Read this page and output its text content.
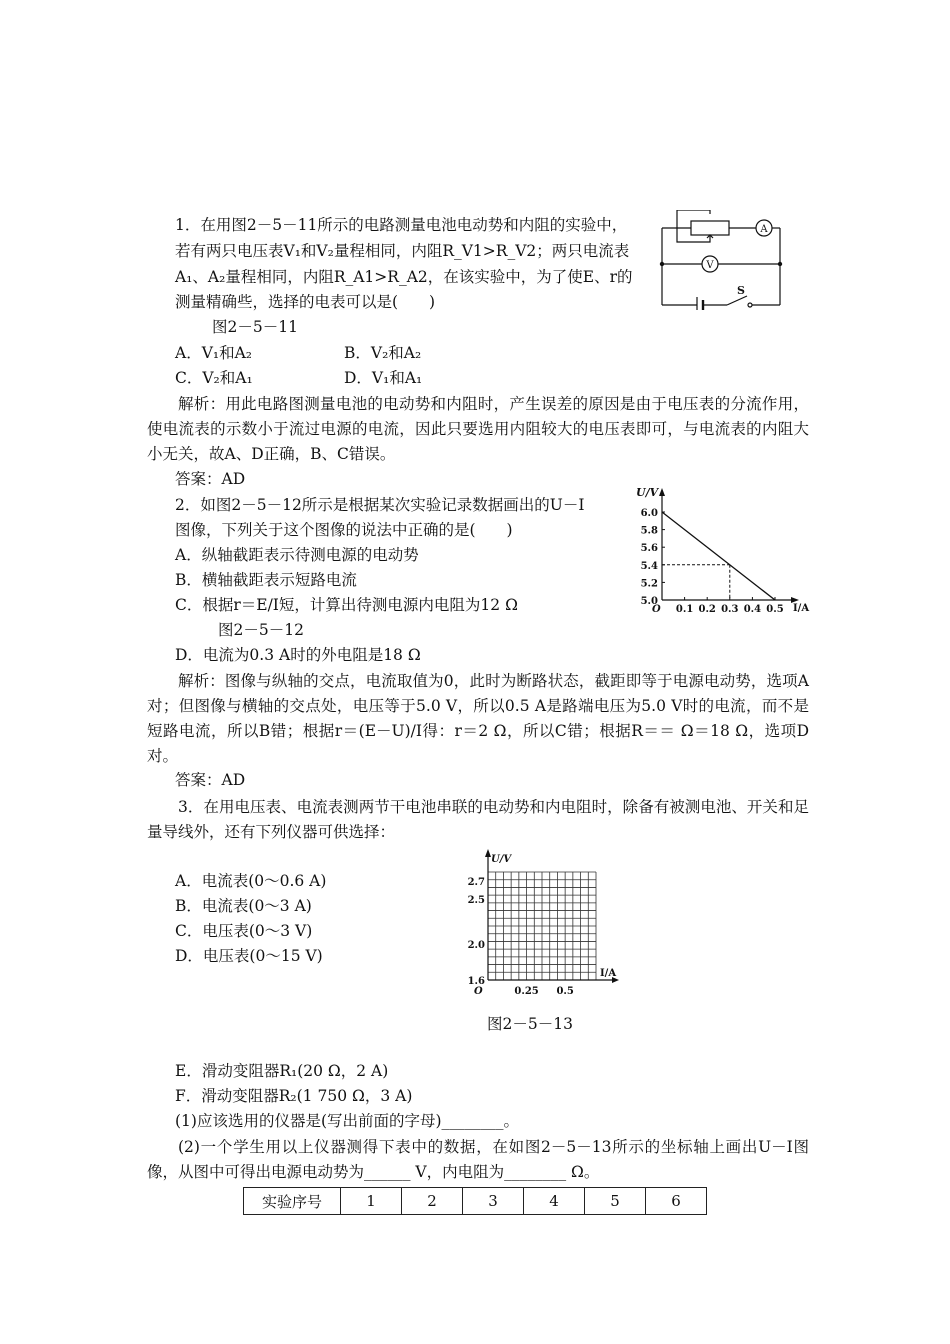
1．在用图2－5－11所示的电路测量电池电动势和内阻的实验中，
若有两只电压表V₁和V₂量程相同，内阻R_V1>R_V2；两只电流表
A₁、A₂量程相同，内阻R_A1>R_A2，在该实验中，为了使E、r的
测量精确些，选择的电表可以是(　　)
图2－5－11
A．V₁和A₂	B．V₂和A₂
C．V₂和A₁	D．V₁和A₁
解析：用此电路图测量电池的电动势和内阻时，产生误差的原因是由于电压表的分流作用，使电流表的示数小于流过电源的电流，因此只要选用内阻较大的电压表即可，与电流表的内阻大小无关，故A、D正确，B、C错误。
答案：AD
A
V
S
2．如图2－5－12所示是根据某次实验记录数据画出的U－I
图像，下列关于这个图像的说法中正确的是(　　)
A．纵轴截距表示待测电源的电动势
B．横轴截距表示短路电流
C．根据r＝E/I短，计算出待测电源内电阻为12 Ω
图2－5－12
D．电流为0.3 A时的外电阻是18 Ω
解析：图像与纵轴的交点，电流取值为0，此时为断路状态，截距即等于电源电动势，选项A对；但图像与横轴的交点处，电压等于5.0 V，所以0.5 A是路端电压为5.0 V时的电流，而不是短路电流，所以B错；根据r＝(E－U)/I得：r＝2 Ω，所以C错；根据R＝＝ Ω＝18 Ω，选项D对。
答案：AD
U/V
I/A
O
5.0
5.2
5.4
5.6
5.8
6.0
0.1 0.2 0.3 0.4 0.5
3．在用电压表、电流表测两节干电池串联的电动势和内电阻时，除备有被测电池、开关和足量导线外，还有下列仪器可供选择：
A．电流表(0～0.6 A)
B．电流表(0～3 A)
C．电压表(0～3 V)
D．电压表(0～15 V)
U/V
I/A
O
1.6
2.0
2.5
2.7
0.25 0.5
图2－5－13
E．滑动变阻器R₁(20 Ω，2 A)
F．滑动变阻器R₂(1 750 Ω，3 A)
(1)应该选用的仪器是(写出前面的字母)________。
(2)一个学生用以上仪器测得下表中的数据，在如图2－5－13所示的坐标轴上画出U－I图像，从图中可得出电源电动势为______ V，内电阻为________ Ω。
实验序号	1	2	3	4	5	6
